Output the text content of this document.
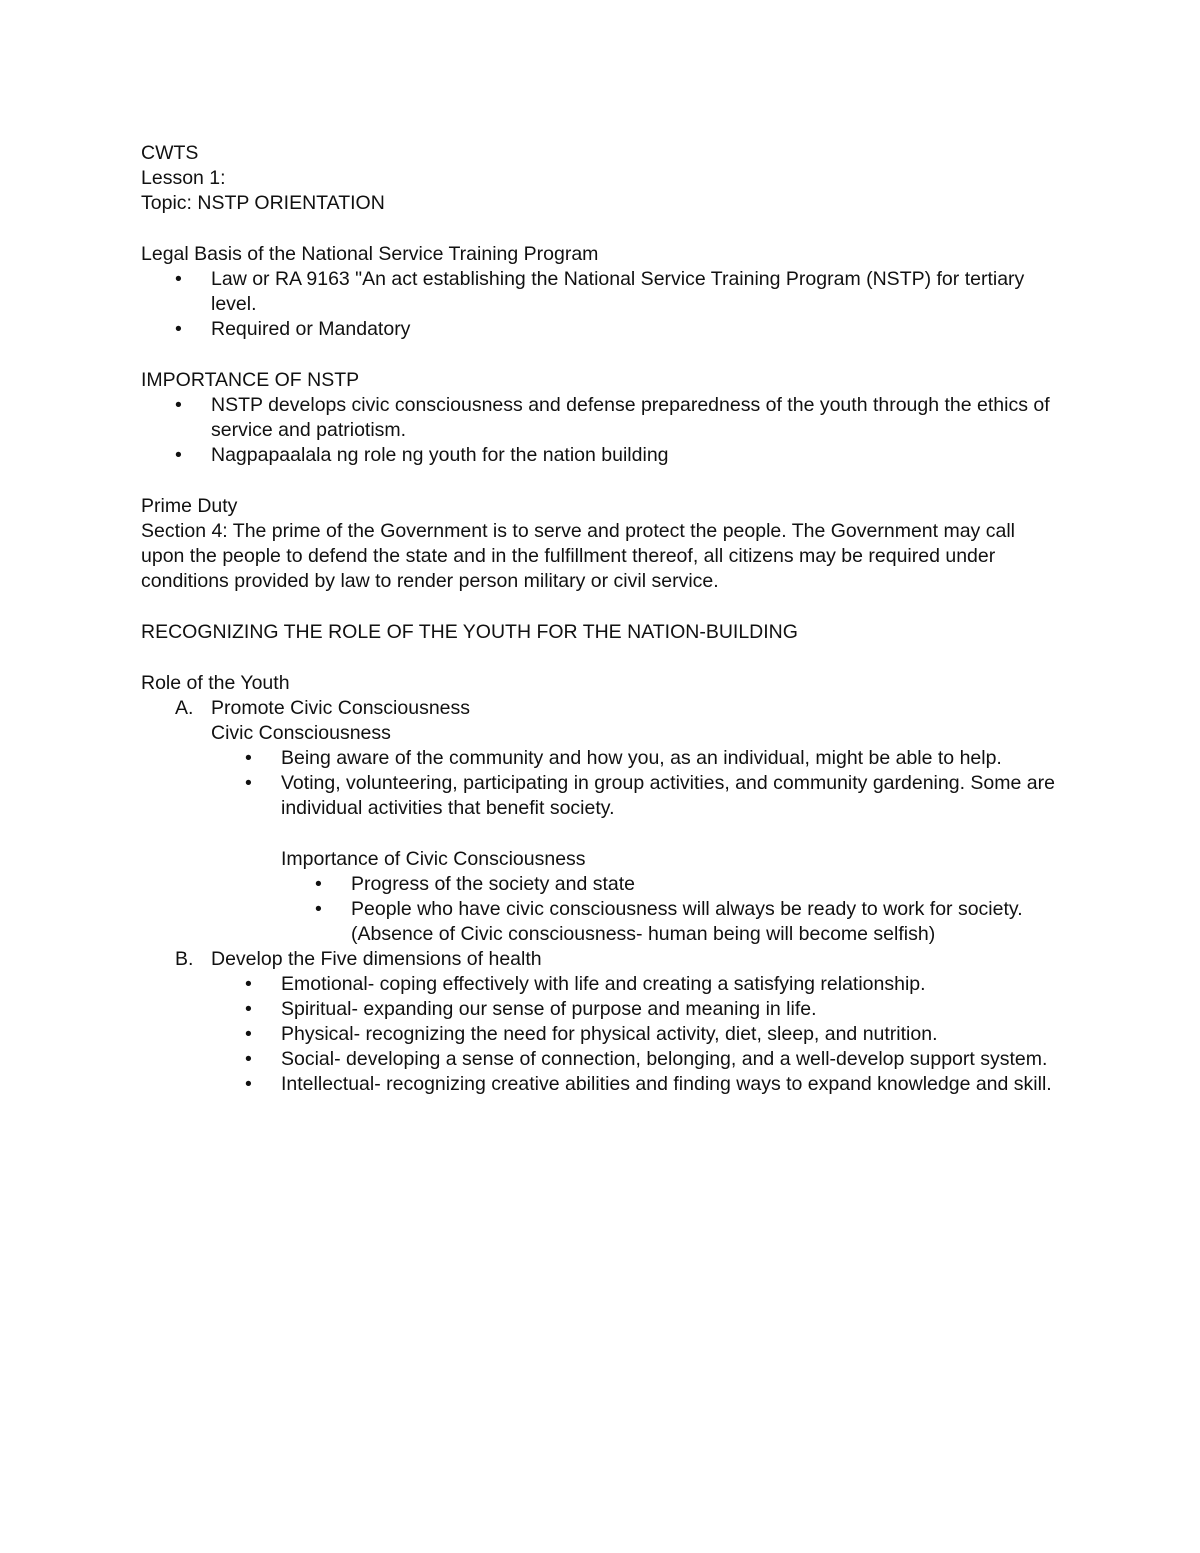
CWTS

Lesson 1:

Topic: NSTP ORIENTATION

Legal Basis of the National Service Training Program

• Law or RA 9163 "An act establishing the National Service Training Program (NSTP) for tertiary level.
• Required or Mandatory

IMPORTANCE OF NSTP

• NSTP develops civic consciousness and defense preparedness of the youth through the ethics of service and patriotism.
• Nagpapaalala ng role ng youth for the nation building

Prime Duty

Section 4: The prime of the Government is to serve and protect the people. The Government may call upon the people to defend the state and in the fulfillment thereof, all citizens may be required under conditions provided by law to render person military or civil service.

RECOGNIZING THE ROLE OF THE YOUTH FOR THE NATION-BUILDING

Role of the Youth

A. Promote Civic Consciousness

Civic Consciousness

• Being aware of the community and how you, as an individual, might be able to help.
• Voting, volunteering, participating in group activities, and community gardening. Some are individual activities that benefit society.

Importance of Civic Consciousness

• Progress of the society and state
• People who have civic consciousness will always be ready to work for society.

(Absence of Civic consciousness- human being will become selfish)

B. Develop the Five dimensions of health

• Emotional- coping effectively with life and creating a satisfying relationship.
• Spiritual- expanding our sense of purpose and meaning in life.
• Physical- recognizing the need for physical activity, diet, sleep, and nutrition.
• Social- developing a sense of connection, belonging, and a well-develop support system.
• Intellectual- recognizing creative abilities and finding ways to expand knowledge and skill.
